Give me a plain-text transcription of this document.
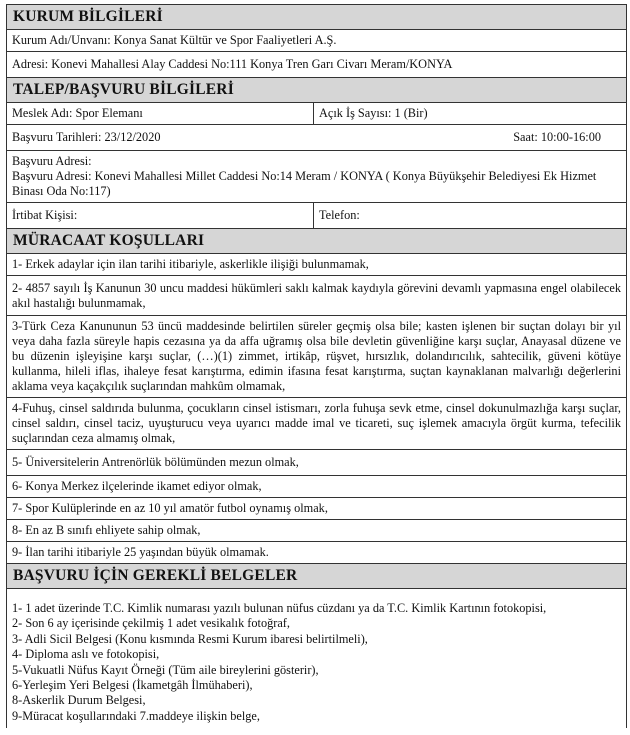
KURUM BİLGİLERİ
Kurum Adı/Unvanı: Konya Sanat Kültür ve Spor Faaliyetleri A.Ş.
Adresi: Konevi Mahallesi Alay Caddesi No:111 Konya Tren Garı Civarı Meram/KONYA
TALEP/BAŞVURU BİLGİLERİ
Meslek Adı: Spor Elemanı	Açık İş Sayısı: 1 (Bir)
Başvuru Tarihleri: 23/12/2020	Saat: 10:00-16:00
Başvuru Adresi:
Başvuru Adresi: Konevi Mahallesi Millet Caddesi No:14 Meram / KONYA ( Konya Büyükşehir Belediyesi Ek Hizmet Binası Oda No:117)
İrtibat Kişisi:	Telefon:
MÜRACAAT KOŞULLARI
1- Erkek adaylar için ilan tarihi itibariyle, askerlikle ilişiği bulunmamak,
2- 4857 sayılı İş Kanunun 30 uncu maddesi hükümleri saklı kalmak kaydıyla görevini devamlı yapmasına engel olabilecek akıl hastalığı bulunmamak,
3-Türk Ceza Kanununun 53 üncü maddesinde belirtilen süreler geçmiş olsa bile; kasten işlenen bir suçtan dolayı bir yıl veya daha fazla süreyle hapis cezasına ya da affa uğramış olsa bile devletin güvenliğine karşı suçlar, Anayasal düzene ve bu düzenin işleyişine karşı suçlar, (…)(1) zimmet, irtikâp, rüşvet, hırsızlık, dolandırıcılık, sahtecilik, güveni kötüye kullanma, hileli iflas, ihaleye fesat karıştırma, edimin ifasına fesat karıştırma, suçtan kaynaklanan malvarlığı değerlerini aklama veya kaçakçılık suçlarından mahkûm olmamak,
4-Fuhuş, cinsel saldırıda bulunma, çocukların cinsel istismarı, zorla fuhuşa sevk etme, cinsel dokunulmazlığa karşı suçlar, cinsel saldırı, cinsel taciz, uyuşturucu veya uyarıcı madde imal ve ticareti, suç işlemek amacıyla örgüt kurma, tefecilik suçlarından ceza almamış olmak,
5- Üniversitelerin Antrenörlük bölümünden mezun olmak,
6- Konya Merkez ilçelerinde ikamet ediyor olmak,
7- Spor Kulüplerinde en az 10 yıl amatör futbol oynamış olmak,
8- En az B sınıfı ehliyete sahip olmak,
9- İlan tarihi itibariyle 25 yaşından büyük olmamak.
BAŞVURU İÇİN GEREKLİ BELGELER
1- 1 adet üzerinde T.C. Kimlik numarası yazılı bulunan nüfus cüzdanı ya da T.C. Kimlik Kartının fotokopisi,
2- Son 6 ay içerisinde çekilmiş 1 adet vesikalık fotoğraf,
3- Adli Sicil Belgesi (Konu kısmında Resmi Kurum ibaresi belirtilmeli),
4- Diploma aslı ve fotokopisi,
5-Vukuatli Nüfus Kayıt Örneği (Tüm aile bireylerini gösterir),
6-Yerleşim Yeri Belgesi (İkametgâh İlmühaberi),
8-Askerlik Durum Belgesi,
9-Müracat koşullarındaki 7.maddeye ilişkin belge,
